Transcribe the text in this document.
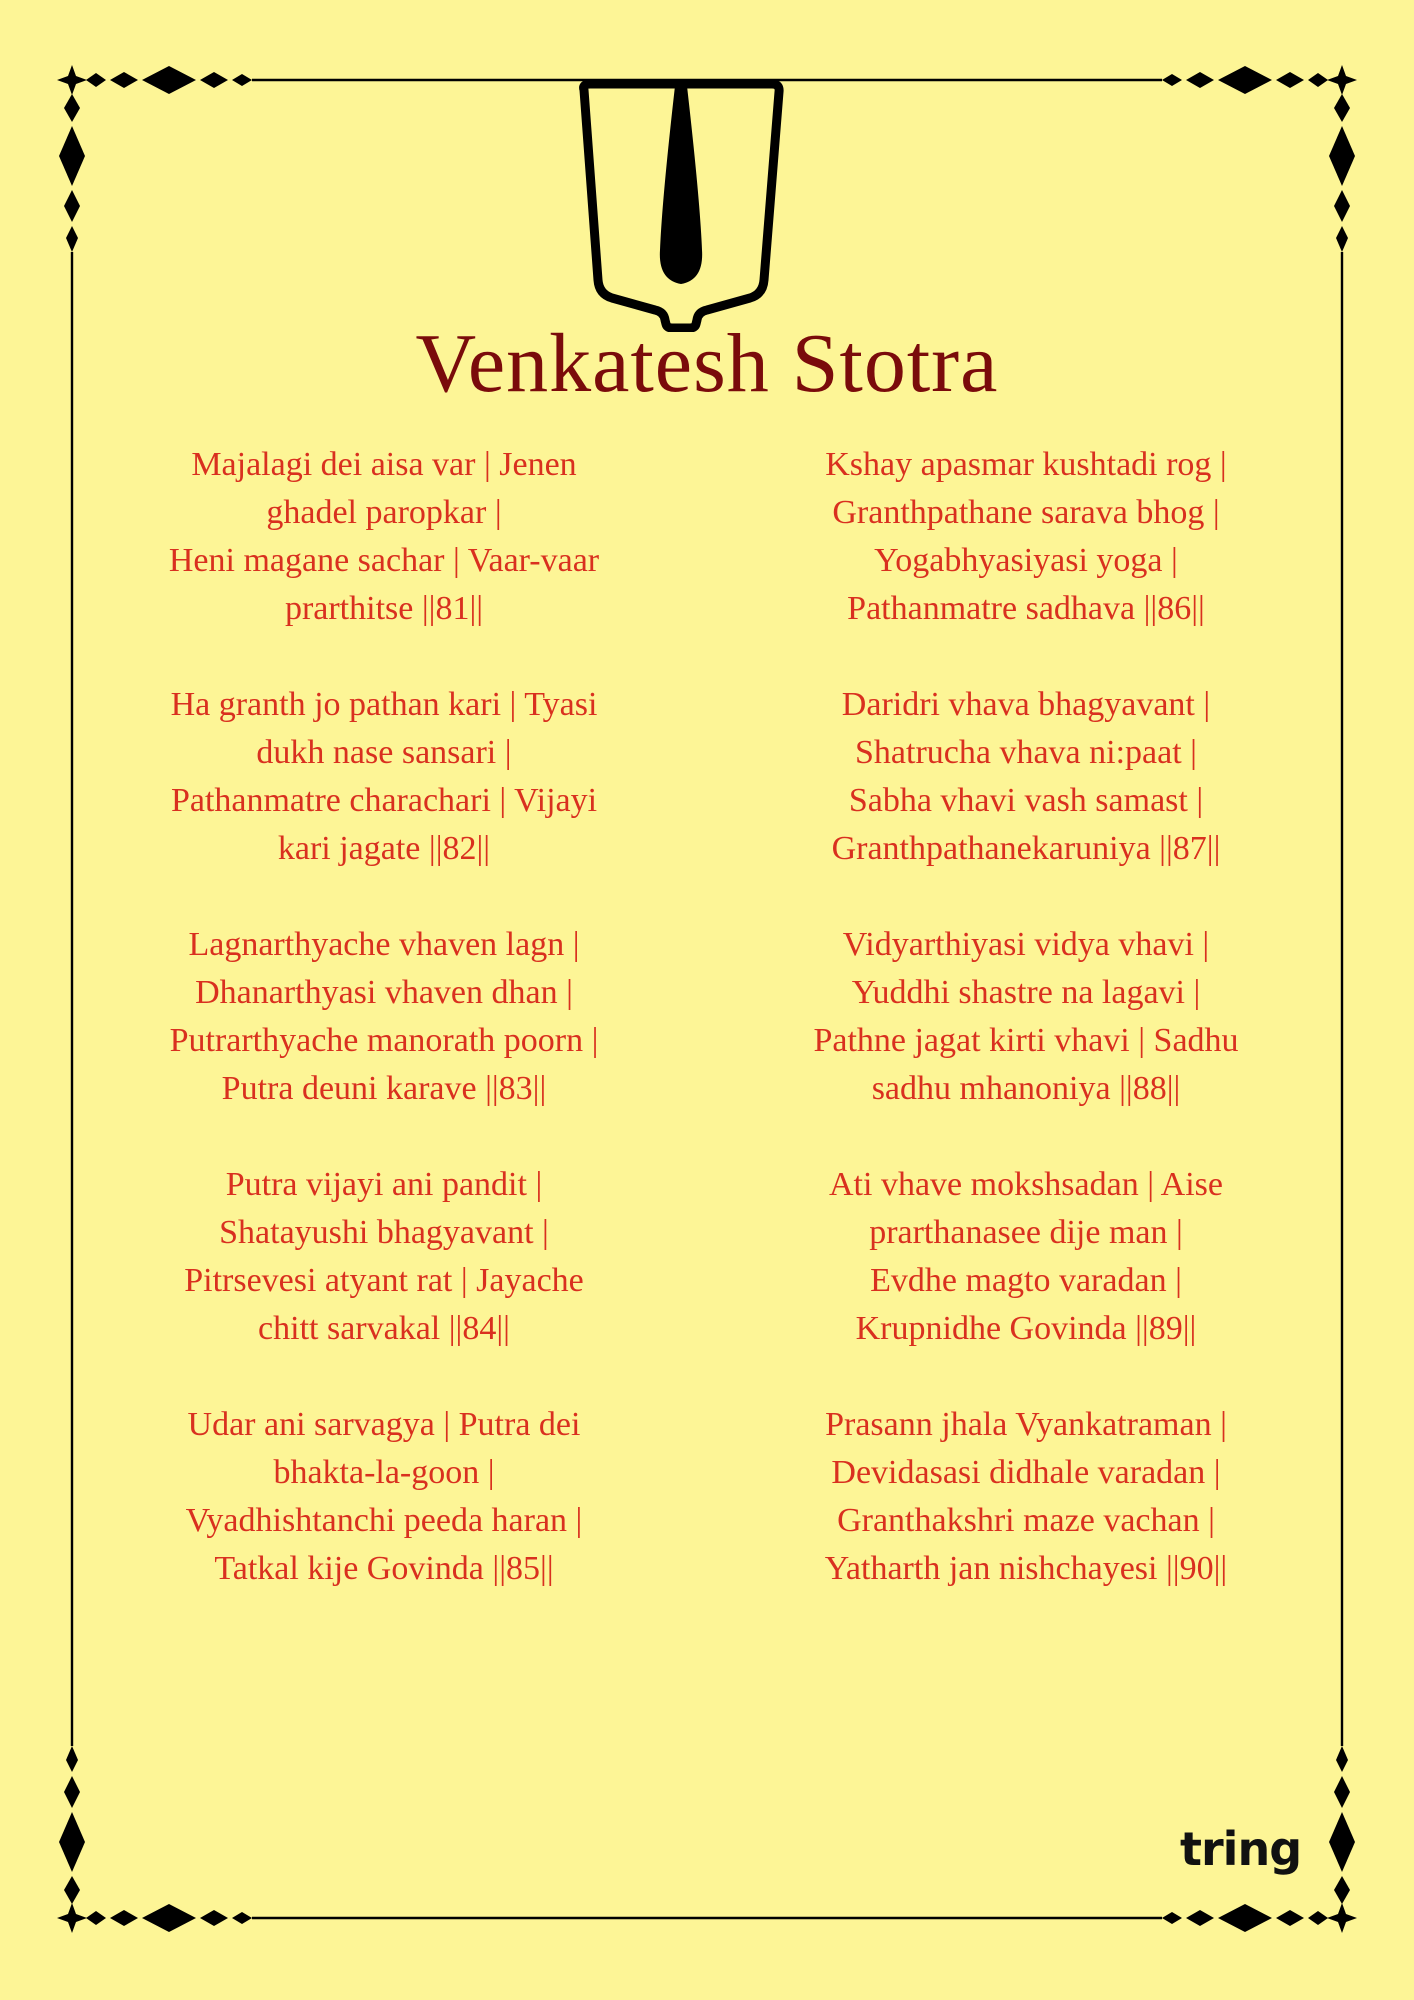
Venkatesh Stotra
Majalagi dei aisa var | Jenen
ghadel paropkar |
Heni magane sachar | Vaar-vaar
prarthitse ||81||
Ha granth jo pathan kari | Tyasi
dukh nase sansari |
Pathanmatre charachari | Vijayi
kari jagate ||82||
Lagnarthyache vhaven lagn |
Dhanarthyasi vhaven dhan |
Putrarthyache manorath poorn |
Putra deuni karave ||83||
Putra vijayi ani pandit |
Shatayushi bhagyavant |
Pitrsevesi atyant rat | Jayache
chitt sarvakal ||84||
Udar ani sarvagya | Putra dei
bhakta-la-goon |
Vyadhishtanchi peeda haran |
Tatkal kije Govinda ||85||
Kshay apasmar kushtadi rog |
Granthpathane sarava bhog |
Yogabhyasiyasi yoga |
Pathanmatre sadhava ||86||
Daridri vhava bhagyavant |
Shatrucha vhava ni:paat |
Sabha vhavi vash samast |
Granthpathanekaruniya ||87||
Vidyarthiyasi vidya vhavi |
Yuddhi shastre na lagavi |
Pathne jagat kirti vhavi | Sadhu
sadhu mhanoniya ||88||
Ati vhave mokshsadan | Aise
prarthanasee dije man |
Evdhe magto varadan |
Krupnidhe Govinda ||89||
Prasann jhala Vyankatraman |
Devidasasi didhale varadan |
Granthakshri maze vachan |
Yatharth jan nishchayesi ||90||
tring
